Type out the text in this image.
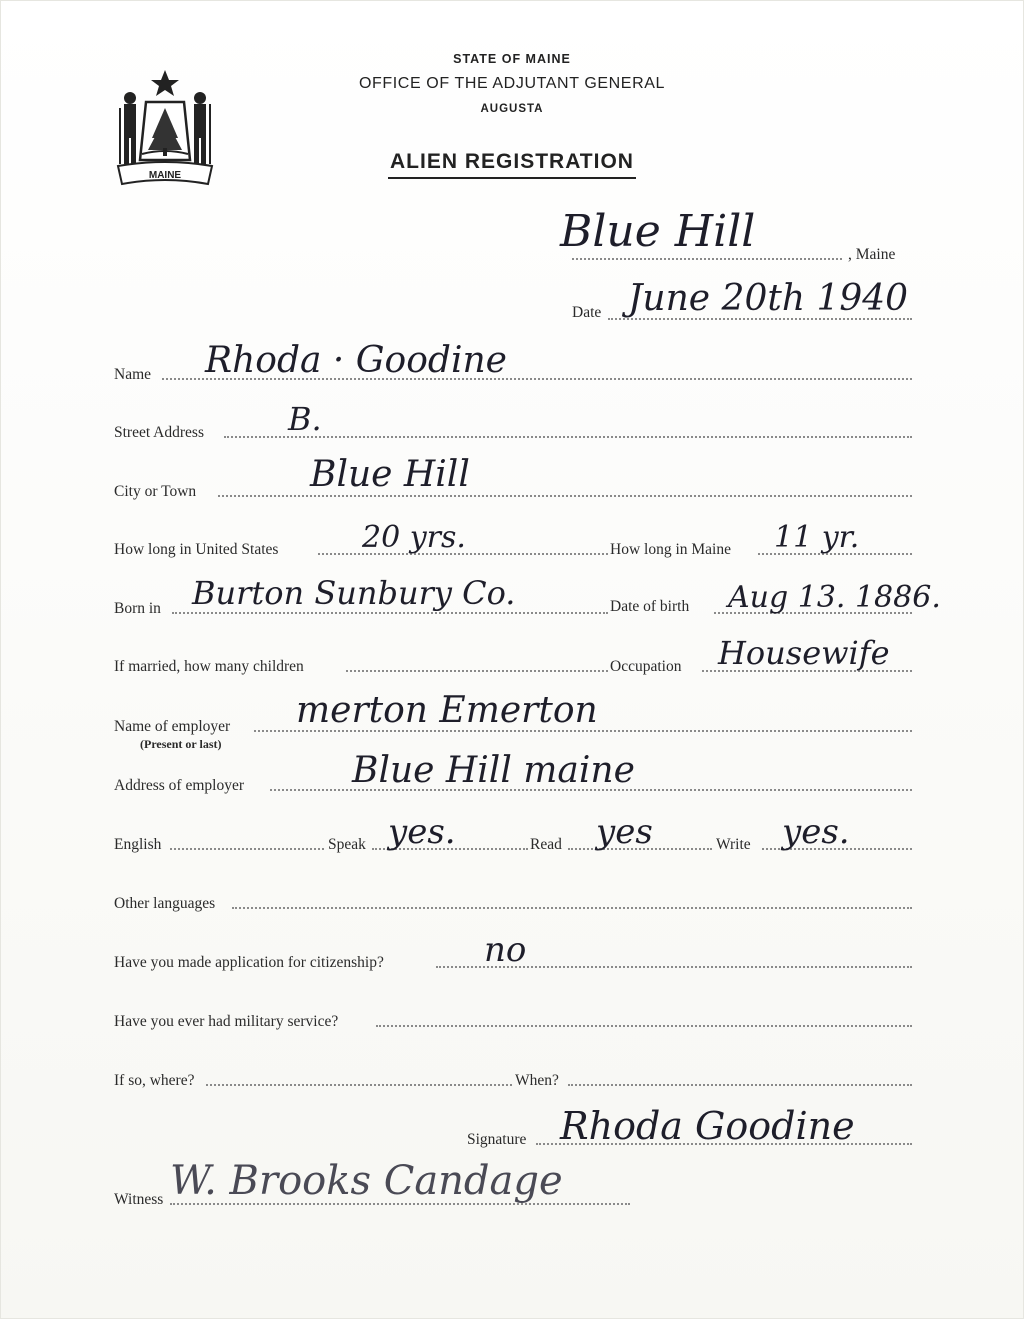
MAINE
STATE OF MAINE
OFFICE OF THE ADJUTANT GENERAL
AUGUSTA
ALIEN REGISTRATION
Blue Hill	, Maine
Date June 20th 1940
Name Rhoda · Goodine
Street Address	B.
City or Town	Blue Hill
How long in United States	20 yrs.	How long in Maine 11 yr.
Born in Burton Sunbury Co.	Date of birth Aug 13. 1886.
If married, how many children	Occupation Housewife
Name of employer
(Present or last)
merton Emerton
Address of employer	Blue Hill maine
English	Speak yes.	Read yes	Write yes.
Other languages
Have you made application for citizenship?	no
Have you ever had military service?
If so, where?	When?
Signature Rhoda Goodine
Witness W. Brooks Candage
